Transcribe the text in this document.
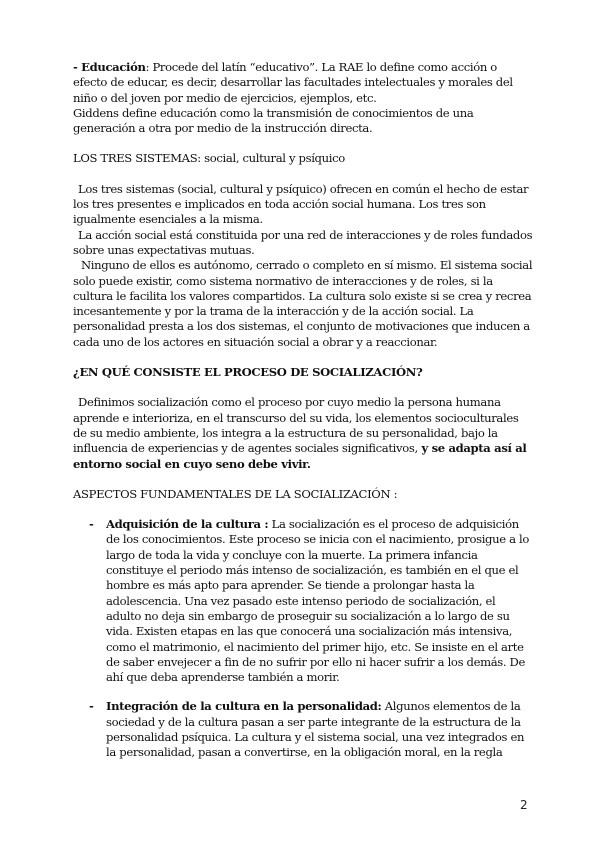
- Educación: Procede del latín “educativo”. La RAE lo define como acción o efecto de educar, es decir, desarrollar las facultades intelectuales y morales del niño o del joven por medio de ejercicios, ejemplos, etc.

Giddens define educación como la transmisión de conocimientos de una generación a otra por medio de la instrucción directa.

LOS TRES SISTEMAS: social, cultural y psíquico

Los tres sistemas (social, cultural y psíquico) ofrecen en común el hecho de estar los tres presentes e implicados en toda acción social humana. Los tres son igualmente esenciales a la misma.

La acción social está constituida por una red de interacciones y de roles fundados sobre unas expectativas mutuas.

Ninguno de ellos es autónomo, cerrado o completo en sí mismo. El sistema social solo puede existir, como sistema normativo de interacciones y de roles, si la cultura le facilita los valores compartidos. La cultura solo existe si se crea y recrea incesantemente y por la trama de la interacción y de la acción social. La personalidad presta a los dos sistemas, el conjunto de motivaciones que inducen a cada uno de los actores en situación social a obrar y a reaccionar.

¿EN QUÉ CONSISTE EL PROCESO DE SOCIALIZACIÓN?

Definimos socialización como el proceso por cuyo medio la persona humana aprende e interioriza, en el transcurso del su vida, los elementos socioculturales de su medio ambiente, los integra a la estructura de su personalidad, bajo la influencia de experiencias y de agentes sociales significativos, y se adapta así al entorno social en cuyo seno debe vivir.

ASPECTOS FUNDAMENTALES DE LA SOCIALIZACIÓN :

- Adquisición de la cultura : La socialización es el proceso de adquisición de los conocimientos. Este proceso se inicia con el nacimiento, prosigue a lo largo de toda la vida y concluye con la muerte. La primera infancia constituye el periodo más intenso de socialización, es también en el que el hombre es más apto para aprender. Se tiende a prolongar hasta la adolescencia. Una vez pasado este intenso periodo de socialización, el adulto no deja sin embargo de proseguir su socialización a lo largo de su vida. Existen etapas en las que conocerá una socialización más intensiva, como el matrimonio, el nacimiento del primer hijo, etc. Se insiste en el arte de saber envejecer a fin de no sufrir por ello ni hacer sufrir a los demás. De ahí que deba aprenderse también a morir.

- Integración de la cultura en la personalidad: Algunos elementos de la sociedad y de la cultura pasan a ser parte integrante de la estructura de la personalidad psíquica. La cultura y el sistema social, una vez integrados en la personalidad, pasan a convertirse, en la obligación moral, en la regla

2
